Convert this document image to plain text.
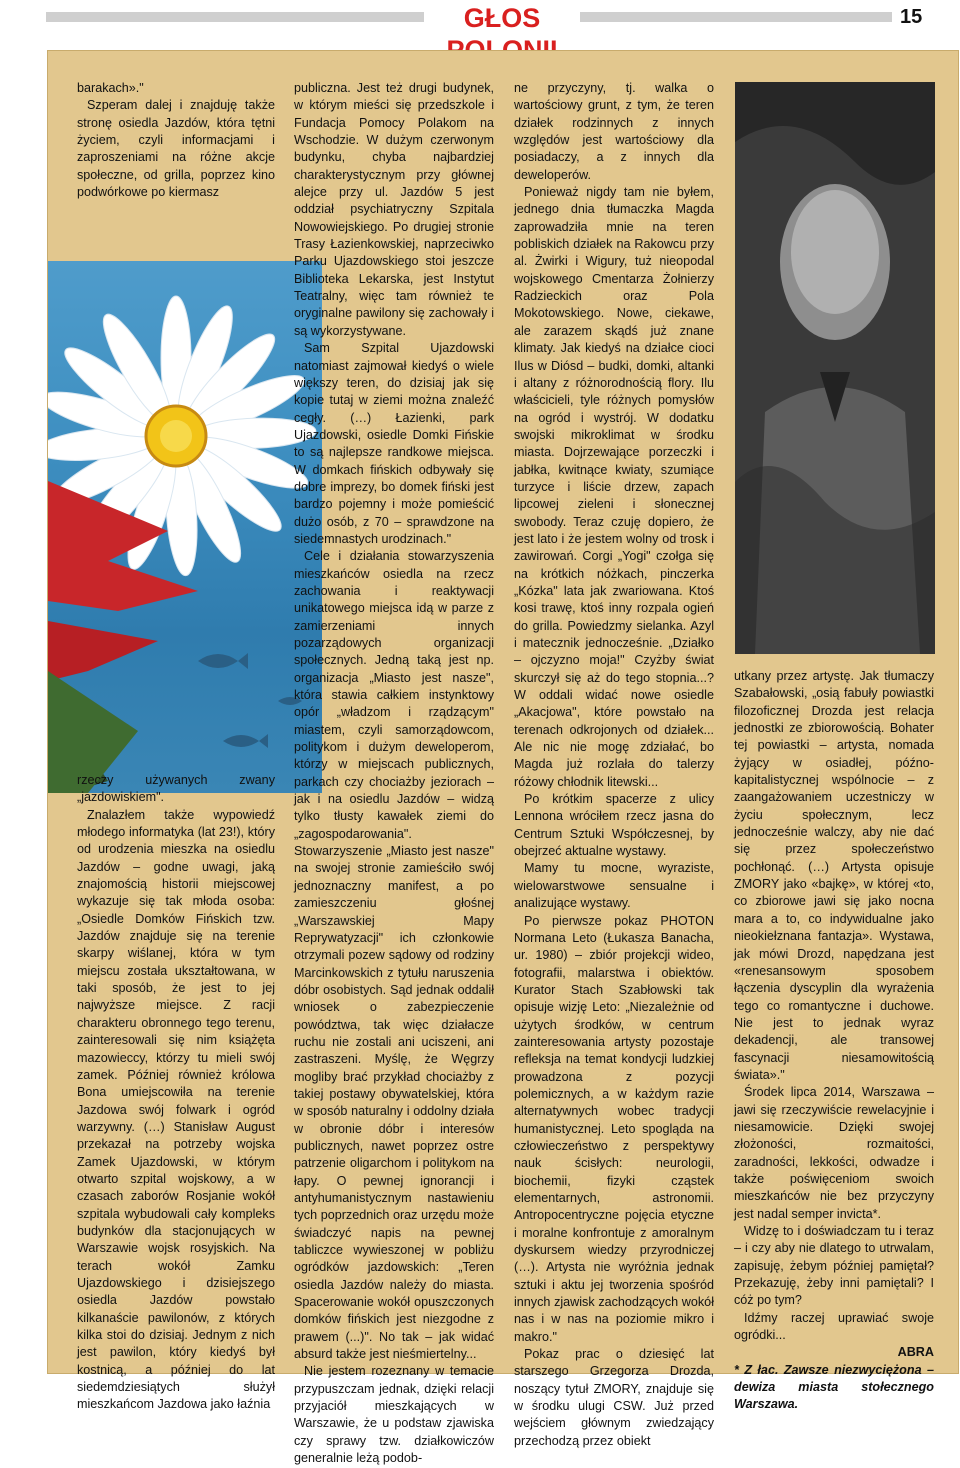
GŁOS	15

barakach»."

Szperam dalej i znajduję także stronę osiedla Jazdów, która tętni życiem, czyli informacjami i zaproszeniami na różne akcje społeczne, od grilla, poprzez kino podwórkowe po kiermasz

rzeczy używanych zwany „jazdowiskiem".

Znalazłem także wypowiedź młodego informatyka (lat 23!), który od urodzenia mieszka na osiedlu Jazdów – godne uwagi, jaką znajomością historii miejscowej wykazuje się tak młoda osoba: „Osiedle Domków Fińskich tzw. Jazdów znajduje się na terenie skarpy wiślanej, która w tym miejscu została ukształtowana, w taki sposób, że jest to jej najwyższe miejsce. Z racji charakteru obronnego tego terenu, zainteresowali się nim książęta mazowieccy, którzy tu mieli swój zamek. Później również królowa Bona umiejscowiła na terenie Jazdowa swój folwark i ogród warzywny. (…) Stanisław August przekazał na potrzeby wojska Zamek Ujazdowski, w którym otwarto szpital wojskowy, a w czasach zaborów Rosjanie wokół szpitala wybudowali cały kompleks budynków dla stacjonujących w Warszawie wojsk rosyjskich. Na terach wokół Zamku Ujazdowskiego i dzisiejszego osiedla Jazdów powstało kilkanaście pawilonów, z których kilka stoi do dzisiaj. Jednym z nich jest pawilon, który kiedyś był kostnicą, a później do lat siedemdziesiątych służył mieszkańcom Jazdowa jako łaźnia

publiczna. Jest też drugi budynek, w którym mieści się przedszkole i Fundacja Pomocy Polakom na Wschodzie. W dużym czerwonym budynku, chyba najbardziej charakterystycznym przy głównej alejce przy ul. Jazdów 5 jest oddział psychiatryczny Szpitala Nowowiejskiego. Po drugiej stronie Trasy Łazienkowskiej, naprzeciwko Parku Ujazdowskiego stoi jeszcze Biblioteka Lekarska, jest Instytut Teatralny, więc tam również te oryginalne pawilony się zachowały i są wykorzystywane.

Sam Szpital Ujazdowski natomiast zajmował kiedyś o wiele większy teren, do dzisiaj jak się kopie tutaj w ziemi można znaleźć cegły. (…) Łazienki, park Ujazdowski, osiedle Domki Fińskie to są najlepsze randkowe miejsca. W domkach fińskich odbywały się dobre imprezy, bo domek fiński jest bardzo pojemny i może pomieścić dużo osób, z 70 – sprawdzone na siedemnastych urodzinach."

Cele i działania stowarzyszenia mieszkańców osiedla na rzecz zachowania i reaktywacji unikatowego miejsca idą w parze z zamierzeniami innych pozarządowych organizacji społecznych. Jedną taką jest np. organizacja „Miasto jest nasze", która stawia całkiem instynktowy opór „władzom i rządzącym" miastem, czyli samorządowcom, politykom i dużym deweloperom, którzy w miejscach publicznych, parkach czy chociażby jeziorach – jak i na osiedlu Jazdów – widzą tylko tłusty kawałek ziemi do „zagospodarowania". Stowarzyszenie „Miasto jest nasze" na swojej stronie zamieściło swój jednoznaczny manifest, a po zamieszczeniu głośnej „Warszawskiej Mapy Reprywatyzacji" ich członkowie otrzymali pozew sądowy od rodziny Marcinkowskich z tytułu naruszenia dóbr osobistych. Sąd jednak oddalił wniosek o zabezpieczenie powództwa, tak więc działacze ruchu nie zostali ani uciszeni, ani zastraszeni. Myślę, że Węgrzy mogliby brać przykład chociażby z takiej postawy obywatelskiej, która w sposób naturalny i oddolny działa w obronie dóbr i interesów publicznych, nawet poprzez ostre patrzenie oligarchom i politykom na łapy. O pewnej ignorancji i antyhumanistycznym nastawieniu tych poprzednich oraz urzędu może świadczyć napis na pewnej tabliczce wywieszonej w pobliżu ogródków jazdowskich: „Teren osiedla Jazdów należy do miasta. Spacerowanie wokół opuszczonych domków fińskich jest niezgodne z prawem (...)". No tak – jak widać absurd także jest nieśmiertelny...

Nie jestem rozeznany w temacie przypuszczam jednak, dzięki relacji przyjaciół mieszkających w Warszawie, że u podstaw zjawiska czy sprawy tzw. działkowiczów generalnie leżą podob-

ne przyczyny, tj. walka o wartościowy grunt, z tym, że teren działek rodzinnych z innych względów jest wartościowy dla posiadaczy, a z innych dla deweloperów.

Ponieważ nigdy tam nie byłem, jednego dnia tłumaczka Magda zaprowadziła mnie na teren pobliskich działek na Rakowcu przy al. Żwirki i Wigury, tuż nieopodal wojskowego Cmentarza Żołnierzy Radzieckich oraz Pola Mokotowskiego. Nowe, ciekawe, ale zarazem skądś już znane klimaty. Jak kiedyś na działce cioci Ilus w Diósd – budki, domki, altanki i altany z różnorodnością flory. Ilu właścicieli, tyle różnych pomysłów na ogród i wystrój. W dodatku swojski mikroklimat w środku miasta. Dojrzewające porzeczki i jabłka, kwitnące kwiaty, szumiące turzyce i liście drzew, zapach lipcowej zieleni i słonecznej swobody. Teraz czuję dopiero, że jest lato i że jestem wolny od trosk i zawirowań. Corgi „Yogi" czołga się na krótkich nóżkach, pinczerka „Kózka" lata jak zwariowana. Ktoś kosi trawę, ktoś inny rozpala ogień do grilla. Powiedzmy sielanka. Azyl i matecznik jednocześnie. „Działko – ojczyzno moja!" Czyżby świat skurczył się aż do tego stopnia...? W oddali widać nowe osiedle „Akacjowa", które powstało na terenach odkrojonych od działek... Ale nic nie mogę zdziałać, bo Magda już rozlała do talerzy różowy chłodnik litewski...

Po krótkim spacerze z ulicy Lennona wróciłem rzecz jasna do Centrum Sztuki Współczesnej, by obejrzeć aktualne wystawy.

Mamy tu mocne, wyraziste, wielowarstwowe sensualne i analizujące wystawy.

Po pierwsze pokaz PHOTON Normana Leto (Łukasza Banacha, ur. 1980) – zbiór projekcji wideo, fotografii, malarstwa i obiektów. Kurator Stach Szabłowski tak opisuje wizję Leto: „Niezależnie od użytych środków, w centrum zainteresowania artysty pozostaje refleksja na temat kondycji ludzkiej prowadzona z pozycji polemicznych, a w każdym razie alternatywnych wobec tradycji humanistycznej. Leto spogląda na człowieczeństwo z perspektywy nauk ścisłych: neurologii, biochemii, fizyki cząstek elementarnych, astronomii. Antropocentryczne pojęcia etyczne i moralne konfrontuje z amoralnym dyskursem wiedzy przyrodniczej (…). Artysta nie wyróżnia jednak sztuki i aktu jej tworzenia spośród innych zjawisk zachodzących wokół nas i w nas na poziomie mikro i makro."

Pokaz prac o dziesięć lat starszego Grzegorza Drozda, noszący tytuł ZMORY, znajduje się w środku ulugi CSW. Już przed wejściem głównym zwiedzający przechodzą przez obiekt

utkany przez artystę. Jak tłumaczy Szabałowski, „osią fabuły powiastki filozoficznej Drozda jest relacja jednostki ze zbiorowością. Bohater tej powiastki – artysta, nomada żyjący w osiadłej, późno-kapitalistycznej wspólnocie – z zaangażowaniem uczestniczy w życiu społecznym, lecz jednocześnie walczy, aby nie dać się przez społeczeństwo pochłonąć. (…) Artysta opisuje ZMORY jako «bajkę», w której «to, co zbiorowe jawi się jako nocna mara a to, co indywidualne jako nieokiełznana fantazja». Wystawa, jak mówi Drozd, napędzana jest «renesansowym sposobem łączenia dyscyplin dla wyrażenia tego co romantyczne i duchowe. Nie jest to jednak wyraz dekadencji, ale transowej fascynacji niesamowitością świata»."

Środek lipca 2014, Warszawa – jawi się rzeczywiście rewelacyjnie i niesamowicie. Dzięki swojej złożoności, rozmaitości, zaradności, lekkości, odwadze i także poświęceniom swoich mieszkańców nie bez przyczyny jest nadal semper invicta*.

Widzę to i doświadczam tu i teraz – i czy aby nie dlatego to utrwalam, zapisuję, żebym później pamiętał? Przekazuję, żeby inni pamiętali? I cóż po tym?

Idźmy raczej uprawiać swoje ogródki...

ABRA

* Z łac. Zawsze niezwyciężona – dewiza miasta stołecznego Warszawa.
